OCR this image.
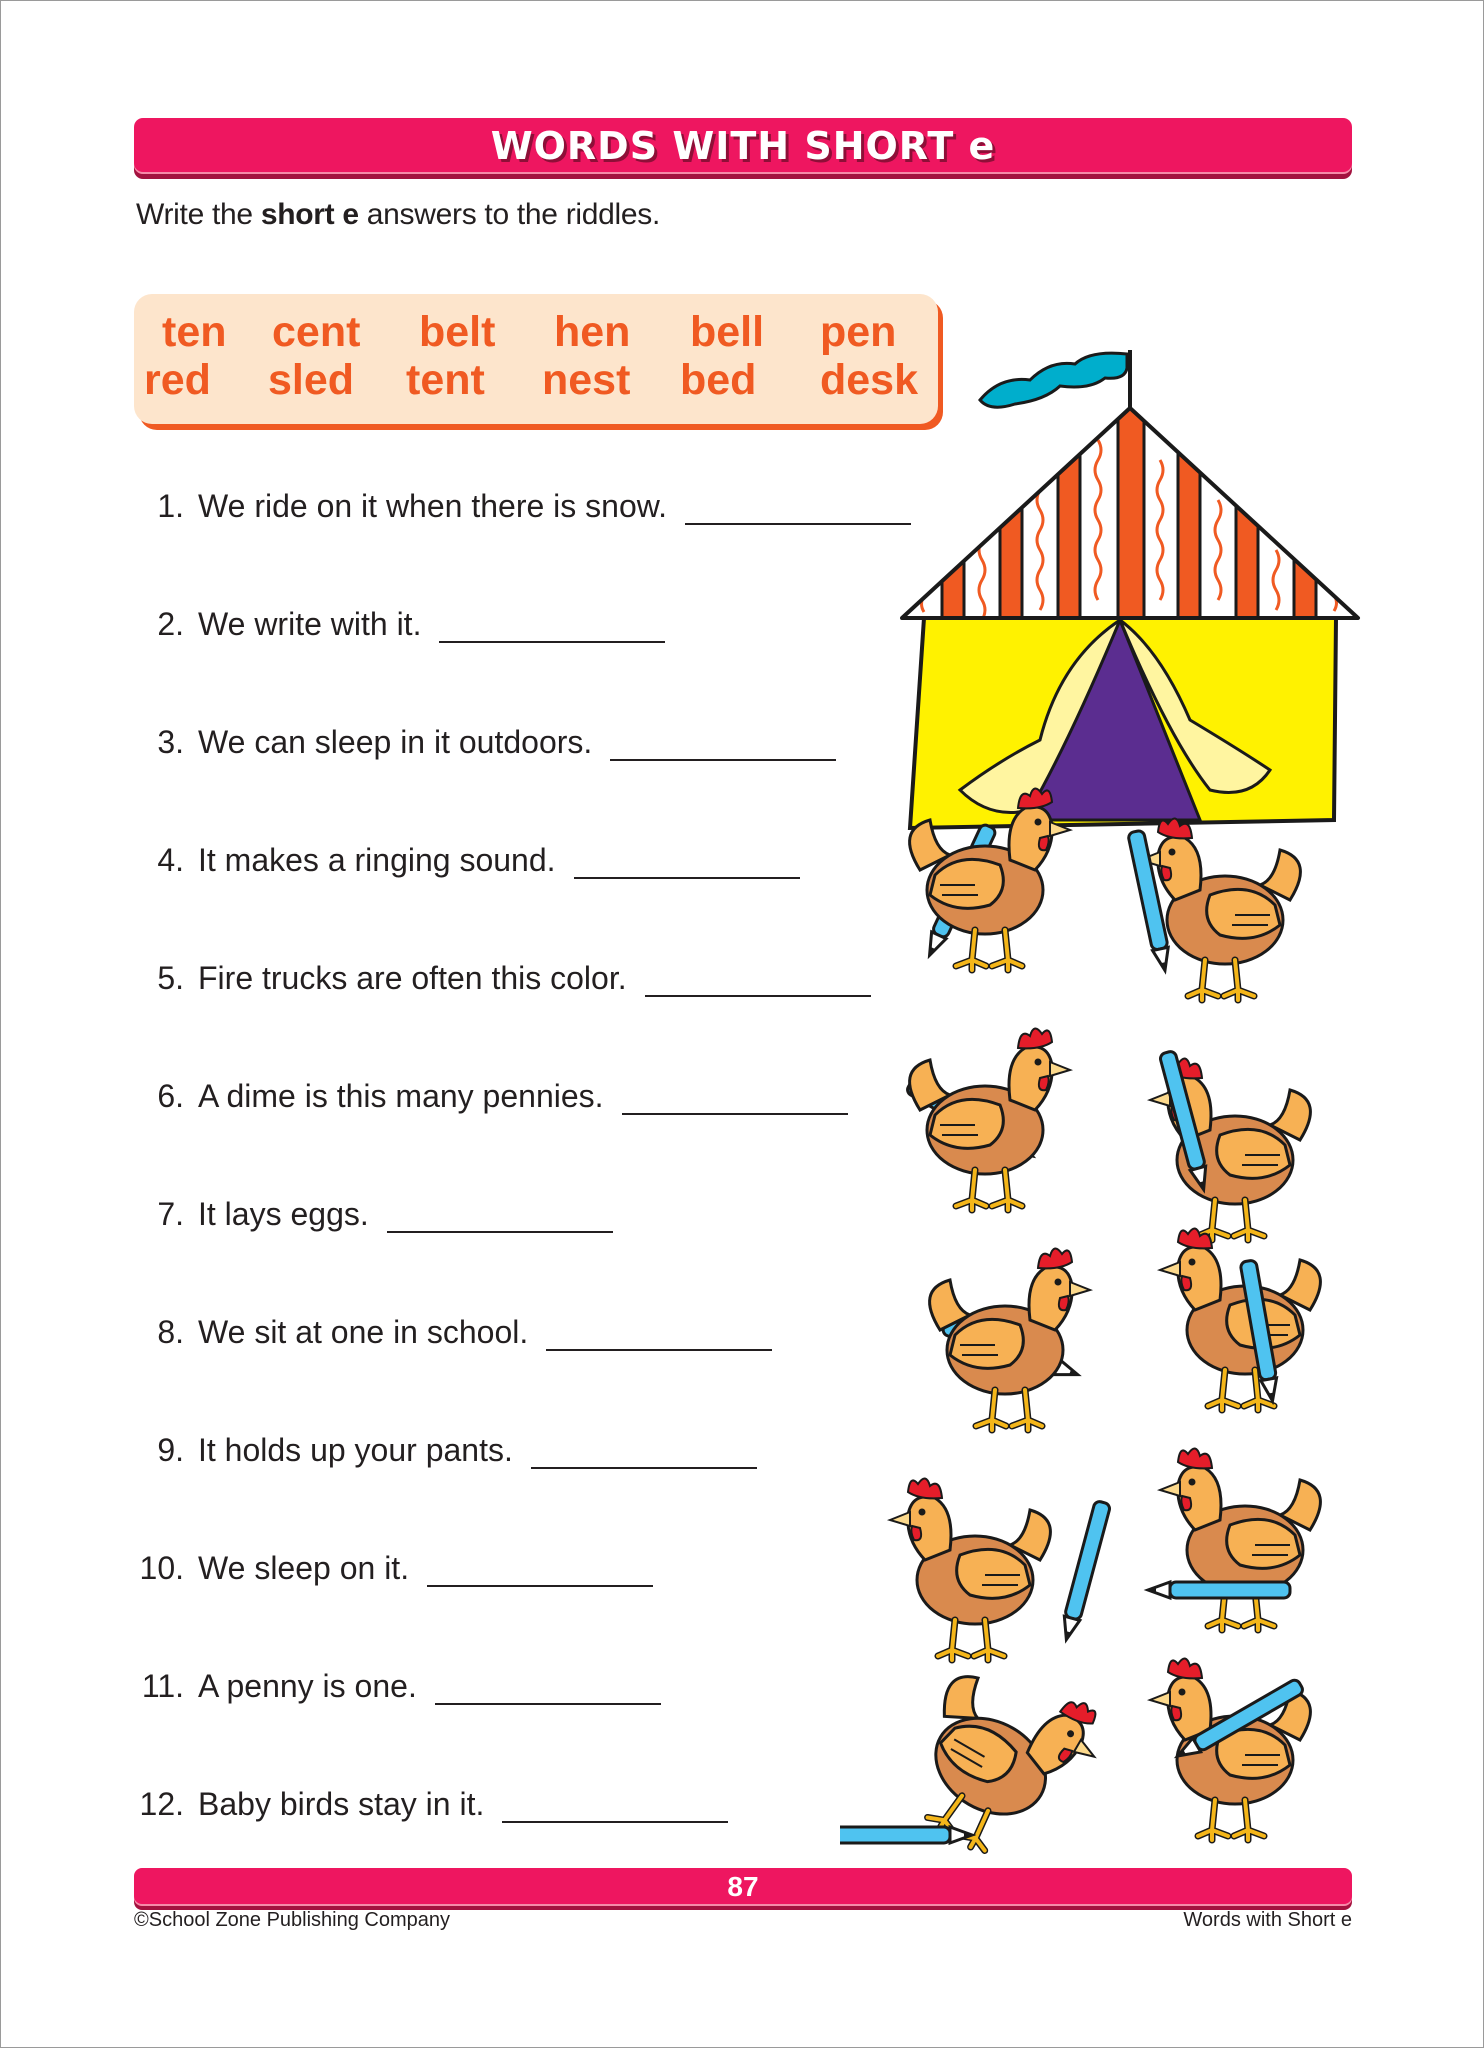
WORDS WITH SHORT e
Write the short e answers to the riddles.
ten cent belt hen bell pen
red sled tent nest bed desk
1. We ride on it when there is snow.
2. We write with it.
3. We can sleep in it outdoors.
4. It makes a ringing sound.
5. Fire trucks are often this color.
6. A dime is this many pennies.
7. It lays eggs.
8. We sit at one in school.
9. It holds up your pants.
10. We sleep on it.
11. A penny is one.
12. Baby birds stay in it.
87
©School Zone Publishing Company	Words with Short e
